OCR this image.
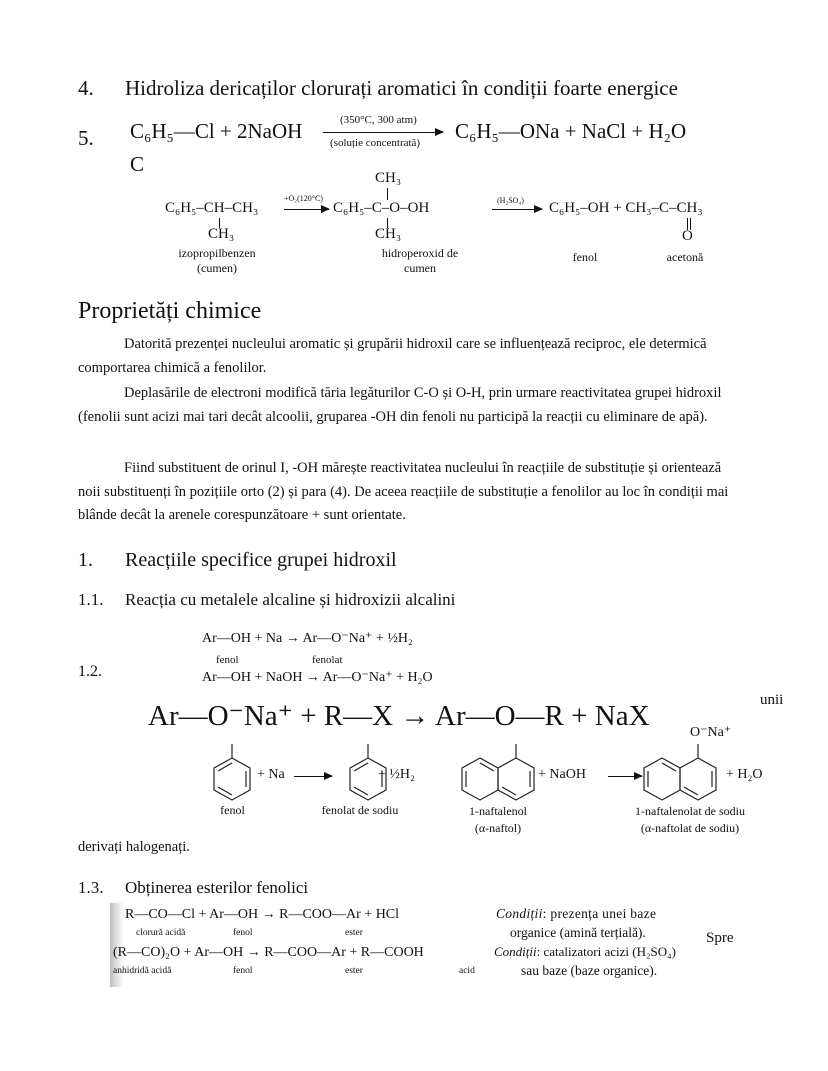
4. Hidroliza dericaților clorurați aromatici în condiții foarte energice
5. C₆H₅—Cl + 2NaOH	(350°C, 300 atm)
(soluție concentrată) C₆H₅—ONa + NaCl + H₂O
C
C₆H₅–CH–CH₃
CH₃
+O₂(120°C)
→ C₆H₅–C–O–OH
CH₃
CH₃
(H₂SO₄) → C₆H₅–OH + CH₃–C–CH₃
O
izopropilbenzen
(cumen)
hidroperoxid de
cumen
fenol	acetonă
Proprietăți chimice
Datorită prezenței nucleului aromatic și grupării hidroxil care se influențează reciproc, ele determică comportarea chimică a fenolilor.
Deplasările de electroni modifică tăria legăturilor C-O și O-H, prin urmare reactivitatea grupei hidroxil (fenolii sunt acizi mai tari decât alcoolii, gruparea -OH din fenoli nu participă la reacții cu eliminare de apă).
Fiind substituent de orinul I, -OH mărește reactivitatea nucleului în reacțiile de substituție și orientează noii substituenți în pozițiile orto (2) și para (4). De aceea reacțiile de substituție a fenolilor au loc în condiții mai blânde decât la arenele corespunzătoare + sunt orientate.
1. Reacțiile specifice grupei hidroxil
1.1. Reacția cu metalele alcaline și hidroxizii alcalini
Ar—OH + Na → Ar—O⁻Na⁺ + ½H₂
fenol	fenolat
1.2.	Ar—OH + NaOH → Ar—O⁻Na⁺ + H₂O
unii
Ar—O⁻Na⁺ + R—X → Ar—O—R + NaX
O⁻Na⁺
+ Na →	+ ½H₂	+ NaOH →	+ H₂O
fenol	fenolat de sodiu	1-naftalenol
(α-naftol)
1-naftalenolat de sodiu
(α-naftolat de sodiu)
derivați halogenați.
1.3. Obținerea esterilor fenolici
R—CO—Cl + Ar—OH → R—COO—Ar + HCl
clorură acidă	fenol	ester
(R—CO)₂O + Ar—OH → R—COO—Ar + R—COOH
anhidridă acidă	fenol	ester	acid
Condiții: prezența unei baze
organice (amină terțială).	Spre
Condiții: catalizatori acizi (H₂SO₄)
sau baze (baze organice).
